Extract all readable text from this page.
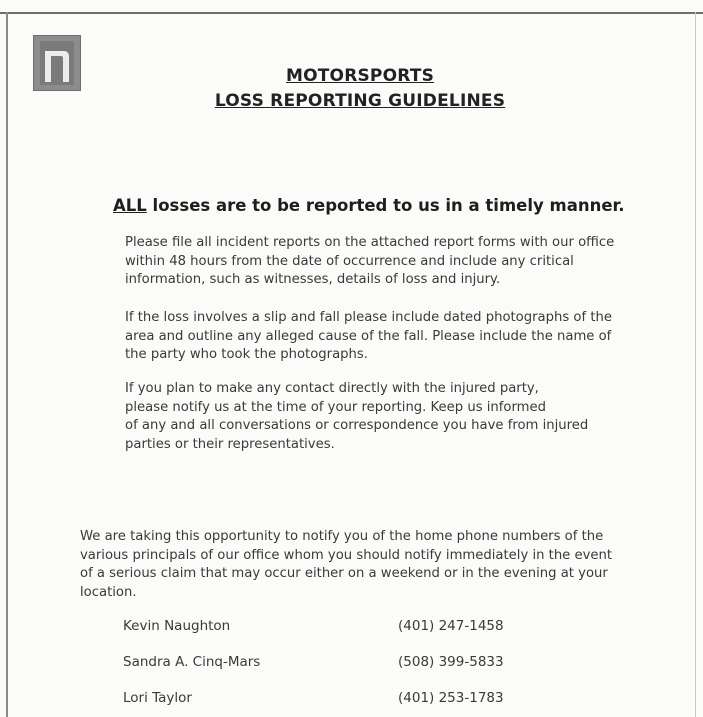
MOTORSPORTS
LOSS REPORTING GUIDELINES
ALL losses are to be reported to us in a timely manner.
Please file all incident reports on the attached report forms with our office
within 48 hours from the date of occurrence and include any critical
information, such as witnesses, details of loss and injury.
If the loss involves a slip and fall please include dated photographs of the
area and outline any alleged cause of the fall. Please include the name of
the party who took the photographs.
If you plan to make any contact directly with the injured party,
please notify us at the time of your reporting. Keep us informed
of any and all conversations or correspondence you have from injured
parties or their representatives.
We are taking this opportunity to notify you of the home phone numbers of the
various principals of our office whom you should notify immediately in the event
of a serious claim that may occur either on a weekend or in the evening at your
location.
Kevin Naughton	(401) 247-1458
Sandra A. Cinq-Mars	(508) 399-5833
Lori Taylor	(401) 253-1783
